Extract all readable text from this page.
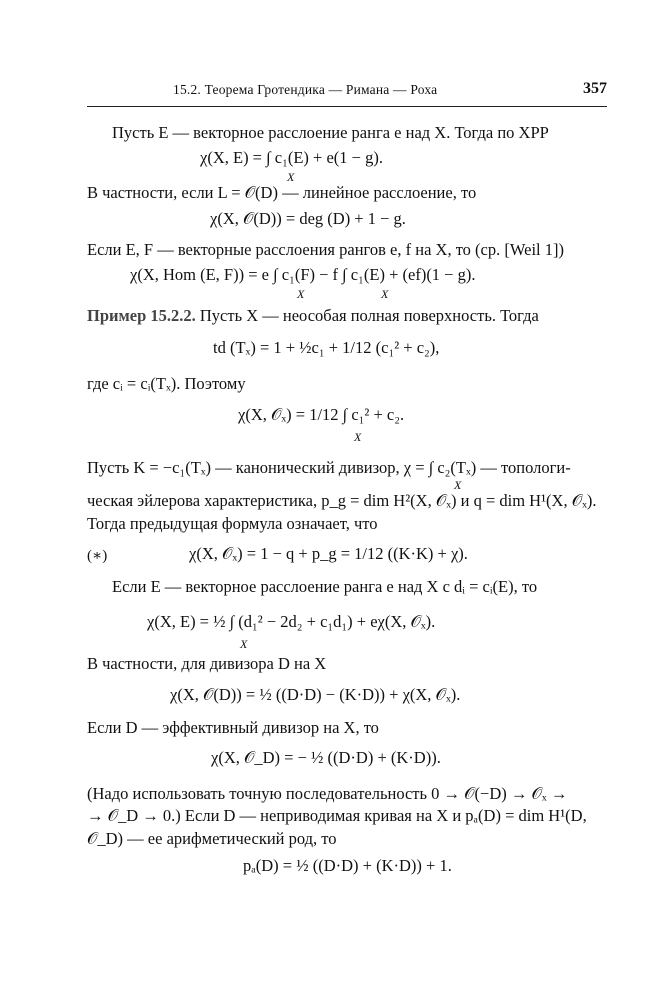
15.2. Теорема Гротендика — Римана — Роха	357
Пусть E — векторное расслоение ранга e над X. Тогда по ХРР
χ(X, E) = ∫ c₁(E) + e(1 − g).
X
В частности, если L = 𝒪(D) — линейное расслоение, то
χ(X, 𝒪(D)) = deg (D) + 1 − g.
Если E, F — векторные расслоения рангов e, f на X, то (ср. [Weil 1])
χ(X, Hom (E, F)) = e ∫ c₁(F) − f ∫ c₁(E) + (ef)(1 − g).
X	X
Пример 15.2.2. Пусть X — неособая полная поверхность. Тогда
td (Tₓ) = 1 + ½c₁ + 1/12 (c₁² + c₂),
где cᵢ = cᵢ(Tₓ). Поэтому
χ(X, 𝒪ₓ) = 1/12 ∫ c₁² + c₂.
X
Пусть K = −c₁(Tₓ) — канонический дивизор, χ = ∫ c₂(Tₓ) — топологи-
X
ческая эйлерова характеристика, p_g = dim H²(X, 𝒪ₓ) и q = dim H¹(X, 𝒪ₓ).
Тогда предыдущая формула означает, что
(∗)	χ(X, 𝒪ₓ) = 1 − q + p_g = 1/12 ((K·K) + χ).
Если E — векторное расслоение ранга e над X с dᵢ = cᵢ(E), то
χ(X, E) = ½ ∫ (d₁² − 2d₂ + c₁d₁) + eχ(X, 𝒪ₓ).
X
В частности, для дивизора D на X
χ(X, 𝒪(D)) = ½ ((D·D) − (K·D)) + χ(X, 𝒪ₓ).
Если D — эффективный дивизор на X, то
χ(X, 𝒪_D) = − ½ ((D·D) + (K·D)).
(Надо использовать точную последовательность 0 → 𝒪(−D) → 𝒪ₓ →
→ 𝒪_D → 0.) Если D — неприводимая кривая на X и pₐ(D) = dim H¹(D,
𝒪_D) — ее арифметический род, то
pₐ(D) = ½ ((D·D) + (K·D)) + 1.
